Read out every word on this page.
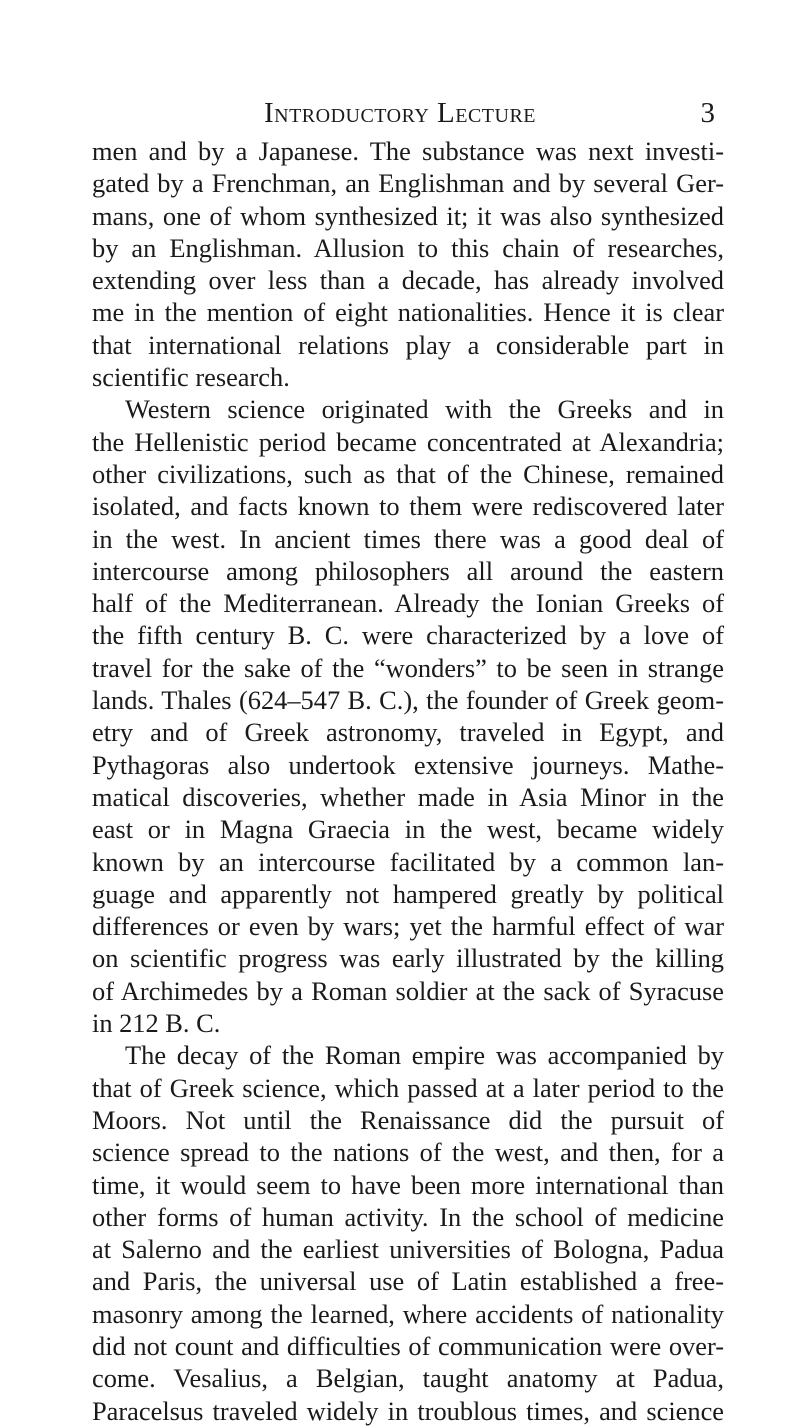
Introductory Lecture	3
men and by a Japanese. The substance was next investi-
gated by a Frenchman, an Englishman and by several Ger-
mans, one of whom synthesized it; it was also synthesized
by an Englishman. Allusion to this chain of researches,
extending over less than a decade, has already involved
me in the mention of eight nationalities. Hence it is clear
that international relations play a considerable part in
scientific research.
Western science originated with the Greeks and in
the Hellenistic period became concentrated at Alexandria;
other civilizations, such as that of the Chinese, remained
isolated, and facts known to them were rediscovered later
in the west. In ancient times there was a good deal of
intercourse among philosophers all around the eastern
half of the Mediterranean. Already the Ionian Greeks of
the fifth century B. C. were characterized by a love of
travel for the sake of the “wonders” to be seen in strange
lands. Thales (624–547 B. C.), the founder of Greek geom-
etry and of Greek astronomy, traveled in Egypt, and
Pythagoras also undertook extensive journeys. Mathe-
matical discoveries, whether made in Asia Minor in the
east or in Magna Graecia in the west, became widely
known by an intercourse facilitated by a common lan-
guage and apparently not hampered greatly by political
differences or even by wars; yet the harmful effect of war
on scientific progress was early illustrated by the killing
of Archimedes by a Roman soldier at the sack of Syracuse
in 212 B. C.
The decay of the Roman empire was accompanied by
that of Greek science, which passed at a later period to the
Moors. Not until the Renaissance did the pursuit of
science spread to the nations of the west, and then, for a
time, it would seem to have been more international than
other forms of human activity. In the school of medicine
at Salerno and the earliest universities of Bologna, Padua
and Paris, the universal use of Latin established a free-
masonry among the learned, where accidents of nationality
did not count and difficulties of communication were over-
come. Vesalius, a Belgian, taught anatomy at Padua,
Paracelsus traveled widely in troublous times, and science
